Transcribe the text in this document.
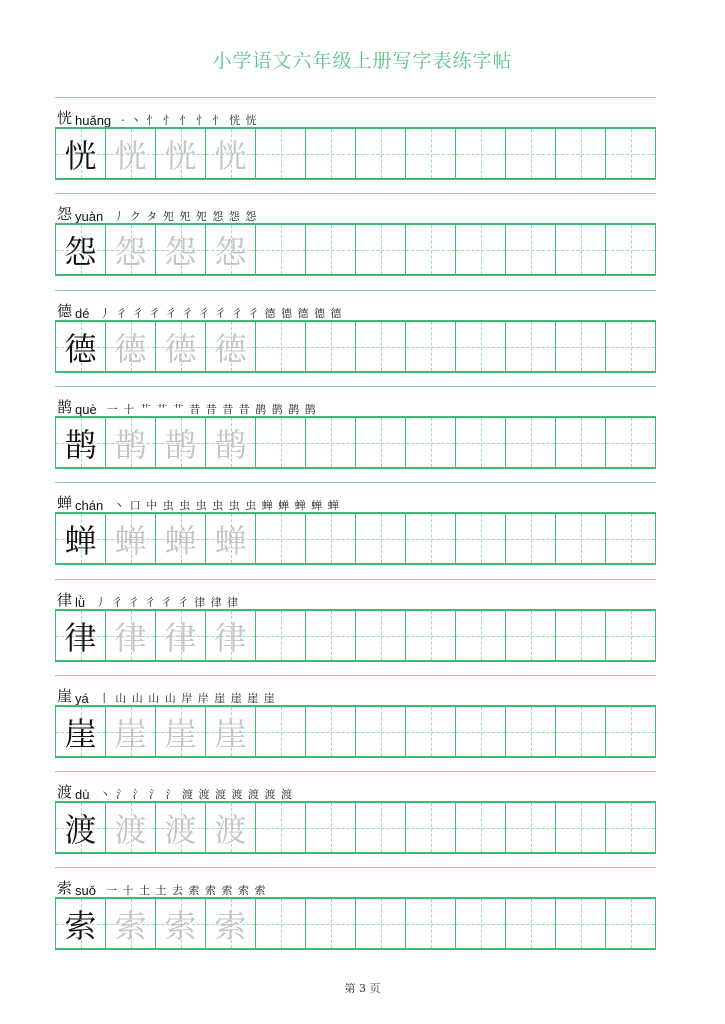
小学语文六年级上册写字表练字帖
恍 huǎng · 丶 忄 忄 忄 忄 忄 恍 恍
恍 恍 恍 恍
怨 yuàn 丿 ク タ 夗 夗 夗 怨 怨 怨
怨 怨 怨 怨
德 dé 丿 彳 彳 彳 彳 彳 彳 彳 彳 彳 德 德 德 德 德
德 德 德 德
鹊 què 一 十 艹 艹 艹 昔 昔 昔 昔 鹊 鹊 鹊 鹊
鹊 鹊 鹊 鹊
蝉 chán 丶 口 中 虫 虫 虫 虫 虫 虫 蝉 蝉 蝉 蝉 蝉
蝉 蝉 蝉 蝉
律 lǜ 丿 彳 彳 彳 彳 彳 律 律 律
律 律 律 律
崖 yá 丨 山 山 山 山 岸 岸 崖 崖 崖 崖
崖 崖 崖 崖
渡 dù 丶 氵 氵 氵 氵 渡 渡 渡 渡 渡 渡 渡
渡 渡 渡 渡
索 suǒ 一 十 土 土 去 索 索 索 索 索
索 索 索 索
第 3 页
